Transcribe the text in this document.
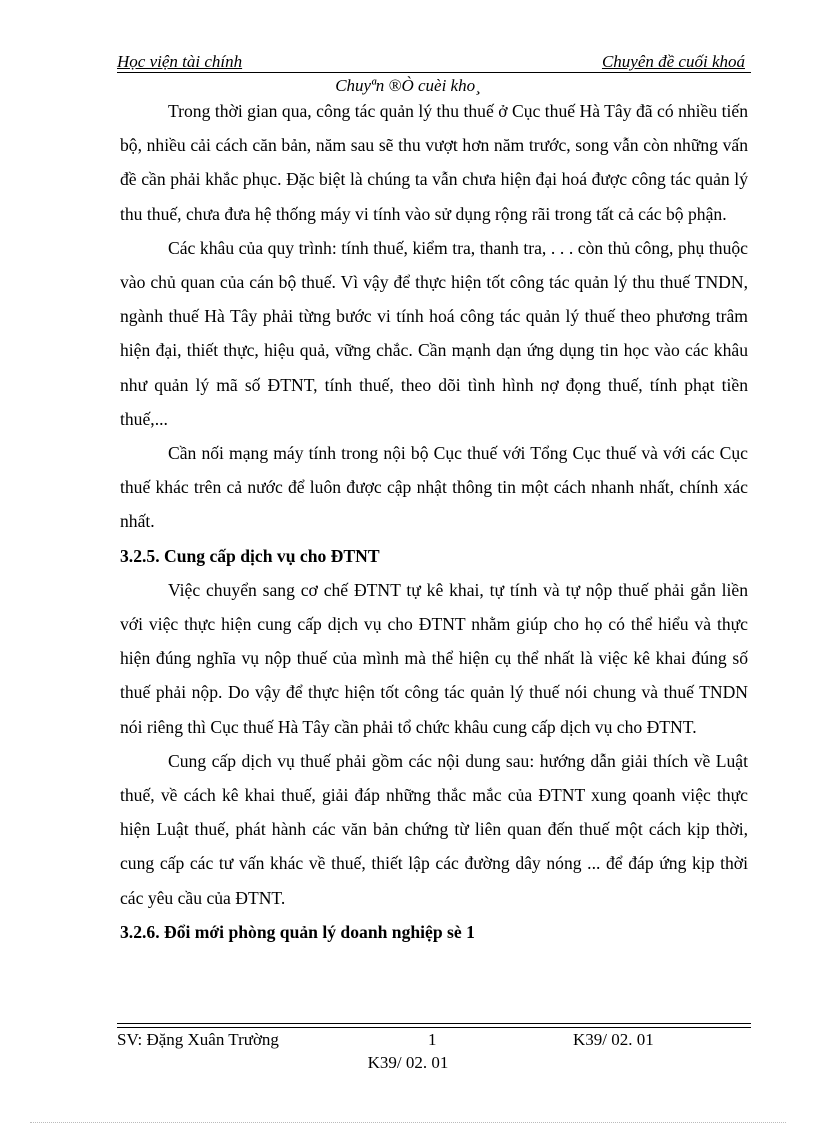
Học viện tài chính	Chuyên đề cuối khoá
Chuyªn ®Ò cuèi kho¸

Trong thời gian qua, công tác quản lý thu thuế ở Cục thuế Hà Tây đã có nhiều tiến bộ, nhiều cải cách căn bản, năm sau sẽ thu vượt hơn năm trước, song vẫn còn những vấn đề cần phải khắc phục. Đặc biệt là chúng ta vẫn chưa hiện đại hoá được công tác quản lý thu thuế, chưa đưa hệ thống máy vi tính vào sử dụng rộng rãi trong tất cả các bộ phận.

Các khâu của quy trình: tính thuế, kiểm tra, thanh tra, . . . còn thủ công, phụ thuộc vào chủ quan của cán bộ thuế. Vì vậy để thực hiện tốt công tác quản lý thu thuế TNDN, ngành thuế Hà Tây phải từng bước vi tính hoá công tác quản lý thuế theo phương trâm hiện đại, thiết thực, hiệu quả, vững chắc. Cần mạnh dạn ứng dụng tin học vào các khâu như quản lý mã số ĐTNT, tính thuế, theo dõi tình hình nợ đọng thuế, tính phạt tiền thuế,...

Cần nối mạng máy tính trong nội bộ Cục thuế với Tổng Cục thuế và với các Cục thuế khác trên cả nước để luôn được cập nhật thông tin một cách nhanh nhất, chính xác nhất.

3.2.5. Cung cấp dịch vụ cho ĐTNT

Việc chuyển sang cơ chế ĐTNT tự kê khai, tự tính và tự nộp thuế phải gắn liền với việc thực hiện cung cấp dịch vụ cho ĐTNT nhằm giúp cho họ có thể hiểu và thực hiện đúng nghĩa vụ nộp thuế của mình mà thể hiện cụ thể nhất là việc kê khai đúng số thuế phải nộp. Do vậy để thực hiện tốt công tác quản lý thuế nói chung và thuế TNDN nói riêng thì Cục thuế Hà Tây cần phải tổ chức khâu cung cấp dịch vụ cho ĐTNT.

Cung cấp dịch vụ thuế phải gồm các nội dung sau: hướng dẫn giải thích về Luật thuế, về cách kê khai thuế, giải đáp những thắc mắc của ĐTNT xung qoanh việc thực hiện Luật thuế, phát hành các văn bản chứng từ liên quan đến thuế một cách kịp thời, cung cấp các tư vấn khác về thuế, thiết lập các đường dây nóng ... để đáp ứng kịp thời các yêu cầu của ĐTNT.

3.2.6. Đổi mới phòng quản lý doanh nghiệp sè 1
SV: Đặng Xuân Trường	1	K39/ 02. 01
K39/ 02. 01
